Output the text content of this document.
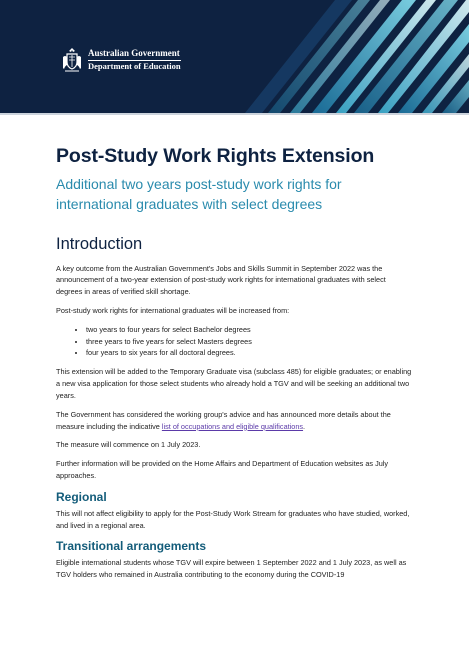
Australian Government
Department of Education
Post-Study Work Rights Extension
Additional two years post-study work rights for international graduates with select degrees
Introduction

A key outcome from the Australian Government's Jobs and Skills Summit in September 2022 was the announcement of a two-year extension of post-study work rights for international graduates with select degrees in areas of verified skill shortage.

Post-study work rights for international graduates will be increased from:

• two years to four years for select Bachelor degrees
• three years to five years for select Masters degrees
• four years to six years for all doctoral degrees.

This extension will be added to the Temporary Graduate visa (subclass 485) for eligible graduates; or enabling a new visa application for those select students who already hold a TGV and will be seeking an additional two years.

The Government has considered the working group's advice and has announced more details about the measure including the indicative list of occupations and eligible qualifications.

The measure will commence on 1 July 2023.

Further information will be provided on the Home Affairs and Department of Education websites as July approaches.

Regional

This will not affect eligibility to apply for the Post-Study Work Stream for graduates who have studied, worked, and lived in a regional area.

Transitional arrangements

Eligible international students whose TGV will expire between 1 September 2022 and 1 July 2023, as well as TGV holders who remained in Australia contributing to the economy during the COVID-19
